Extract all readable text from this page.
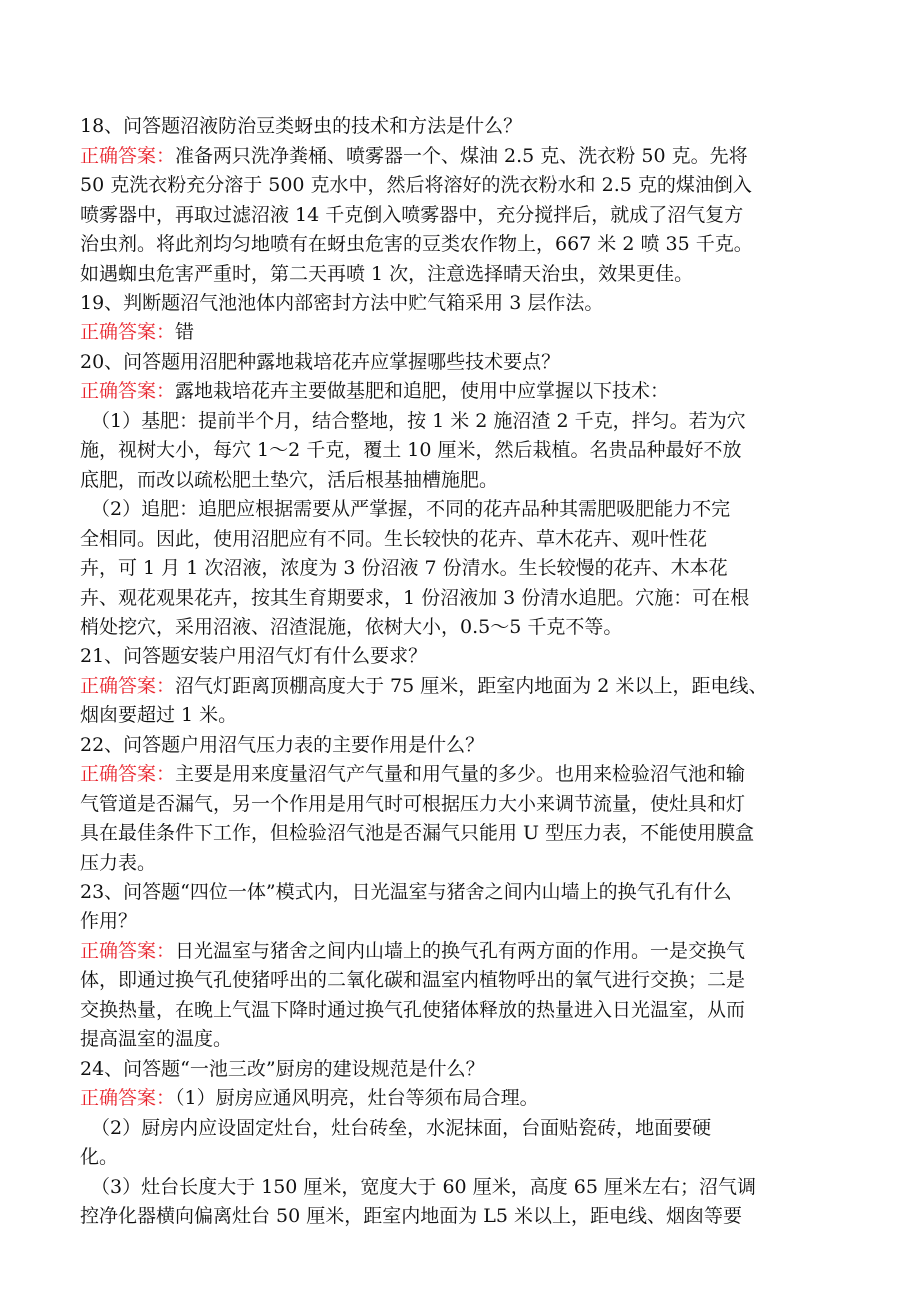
18、问答题沼液防治豆类蚜虫的技术和方法是什么？
正确答案：准备两只洗净粪桶、喷雾器一个、煤油 2.5 克、洗衣粉 50 克。先将
50 克洗衣粉充分溶于 500 克水中，然后将溶好的洗衣粉水和 2.5 克的煤油倒入
喷雾器中，再取过滤沼液 14 千克倒入喷雾器中，充分搅拌后，就成了沼气复方
治虫剂。将此剂均匀地喷有在蚜虫危害的豆类农作物上，667 米 2 喷 35 千克。
如遇蜘虫危害严重时，第二天再喷 1 次，注意选择晴天治虫，效果更佳。
19、判断题沼气池池体内部密封方法中贮气箱采用 3 层作法。
正确答案：错
20、问答题用沼肥种露地栽培花卉应掌握哪些技术要点？
正确答案：露地栽培花卉主要做基肥和追肥，使用中应掌握以下技术：
（1）基肥：提前半个月，结合整地，按 1 米 2 施沼渣 2 千克，拌匀。若为穴
施，视树大小，每穴 1～2 千克，覆土 10 厘米，然后栽植。名贵品种最好不放
底肥，而改以疏松肥土垫穴，活后根基抽槽施肥。
（2）追肥：追肥应根据需要从严掌握，不同的花卉品种其需肥吸肥能力不完
全相同。因此，使用沼肥应有不同。生长较快的花卉、草木花卉、观叶性花
卉，可 1 月 1 次沼液，浓度为 3 份沼液 7 份清水。生长较慢的花卉、木本花
卉、观花观果花卉，按其生育期要求，1 份沼液加 3 份清水追肥。穴施：可在根
梢处挖穴，采用沼液、沼渣混施，依树大小，0.5～5 千克不等。
21、问答题安装户用沼气灯有什么要求？
正确答案：沼气灯距离顶棚高度大于 75 厘米，距室内地面为 2 米以上，距电线、
烟囱要超过 1 米。
22、问答题户用沼气压力表的主要作用是什么？
正确答案：主要是用来度量沼气产气量和用气量的多少。也用来检验沼气池和输
气管道是否漏气，另一个作用是用气时可根据压力大小来调节流量，使灶具和灯
具在最佳条件下工作，但检验沼气池是否漏气只能用 U 型压力表，不能使用膜盒
压力表。
23、问答题“四位一体”模式内，日光温室与猪舍之间内山墙上的换气孔有什么
作用？
正确答案：日光温室与猪舍之间内山墙上的换气孔有两方面的作用。一是交换气
体，即通过换气孔使猪呼出的二氧化碳和温室内植物呼出的氧气进行交换；二是
交换热量，在晚上气温下降时通过换气孔使猪体释放的热量进入日光温室，从而
提高温室的温度。
24、问答题“一池三改”厨房的建设规范是什么？
正确答案：（1）厨房应通风明亮，灶台等须布局合理。
（2）厨房内应设固定灶台，灶台砖垒，水泥抹面，台面贴瓷砖，地面要硬
化。
（3）灶台长度大于 150 厘米，宽度大于 60 厘米，高度 65 厘米左右；沼气调
控净化器横向偏离灶台 50 厘米，距室内地面为 L5 米以上，距电线、烟囱等要
